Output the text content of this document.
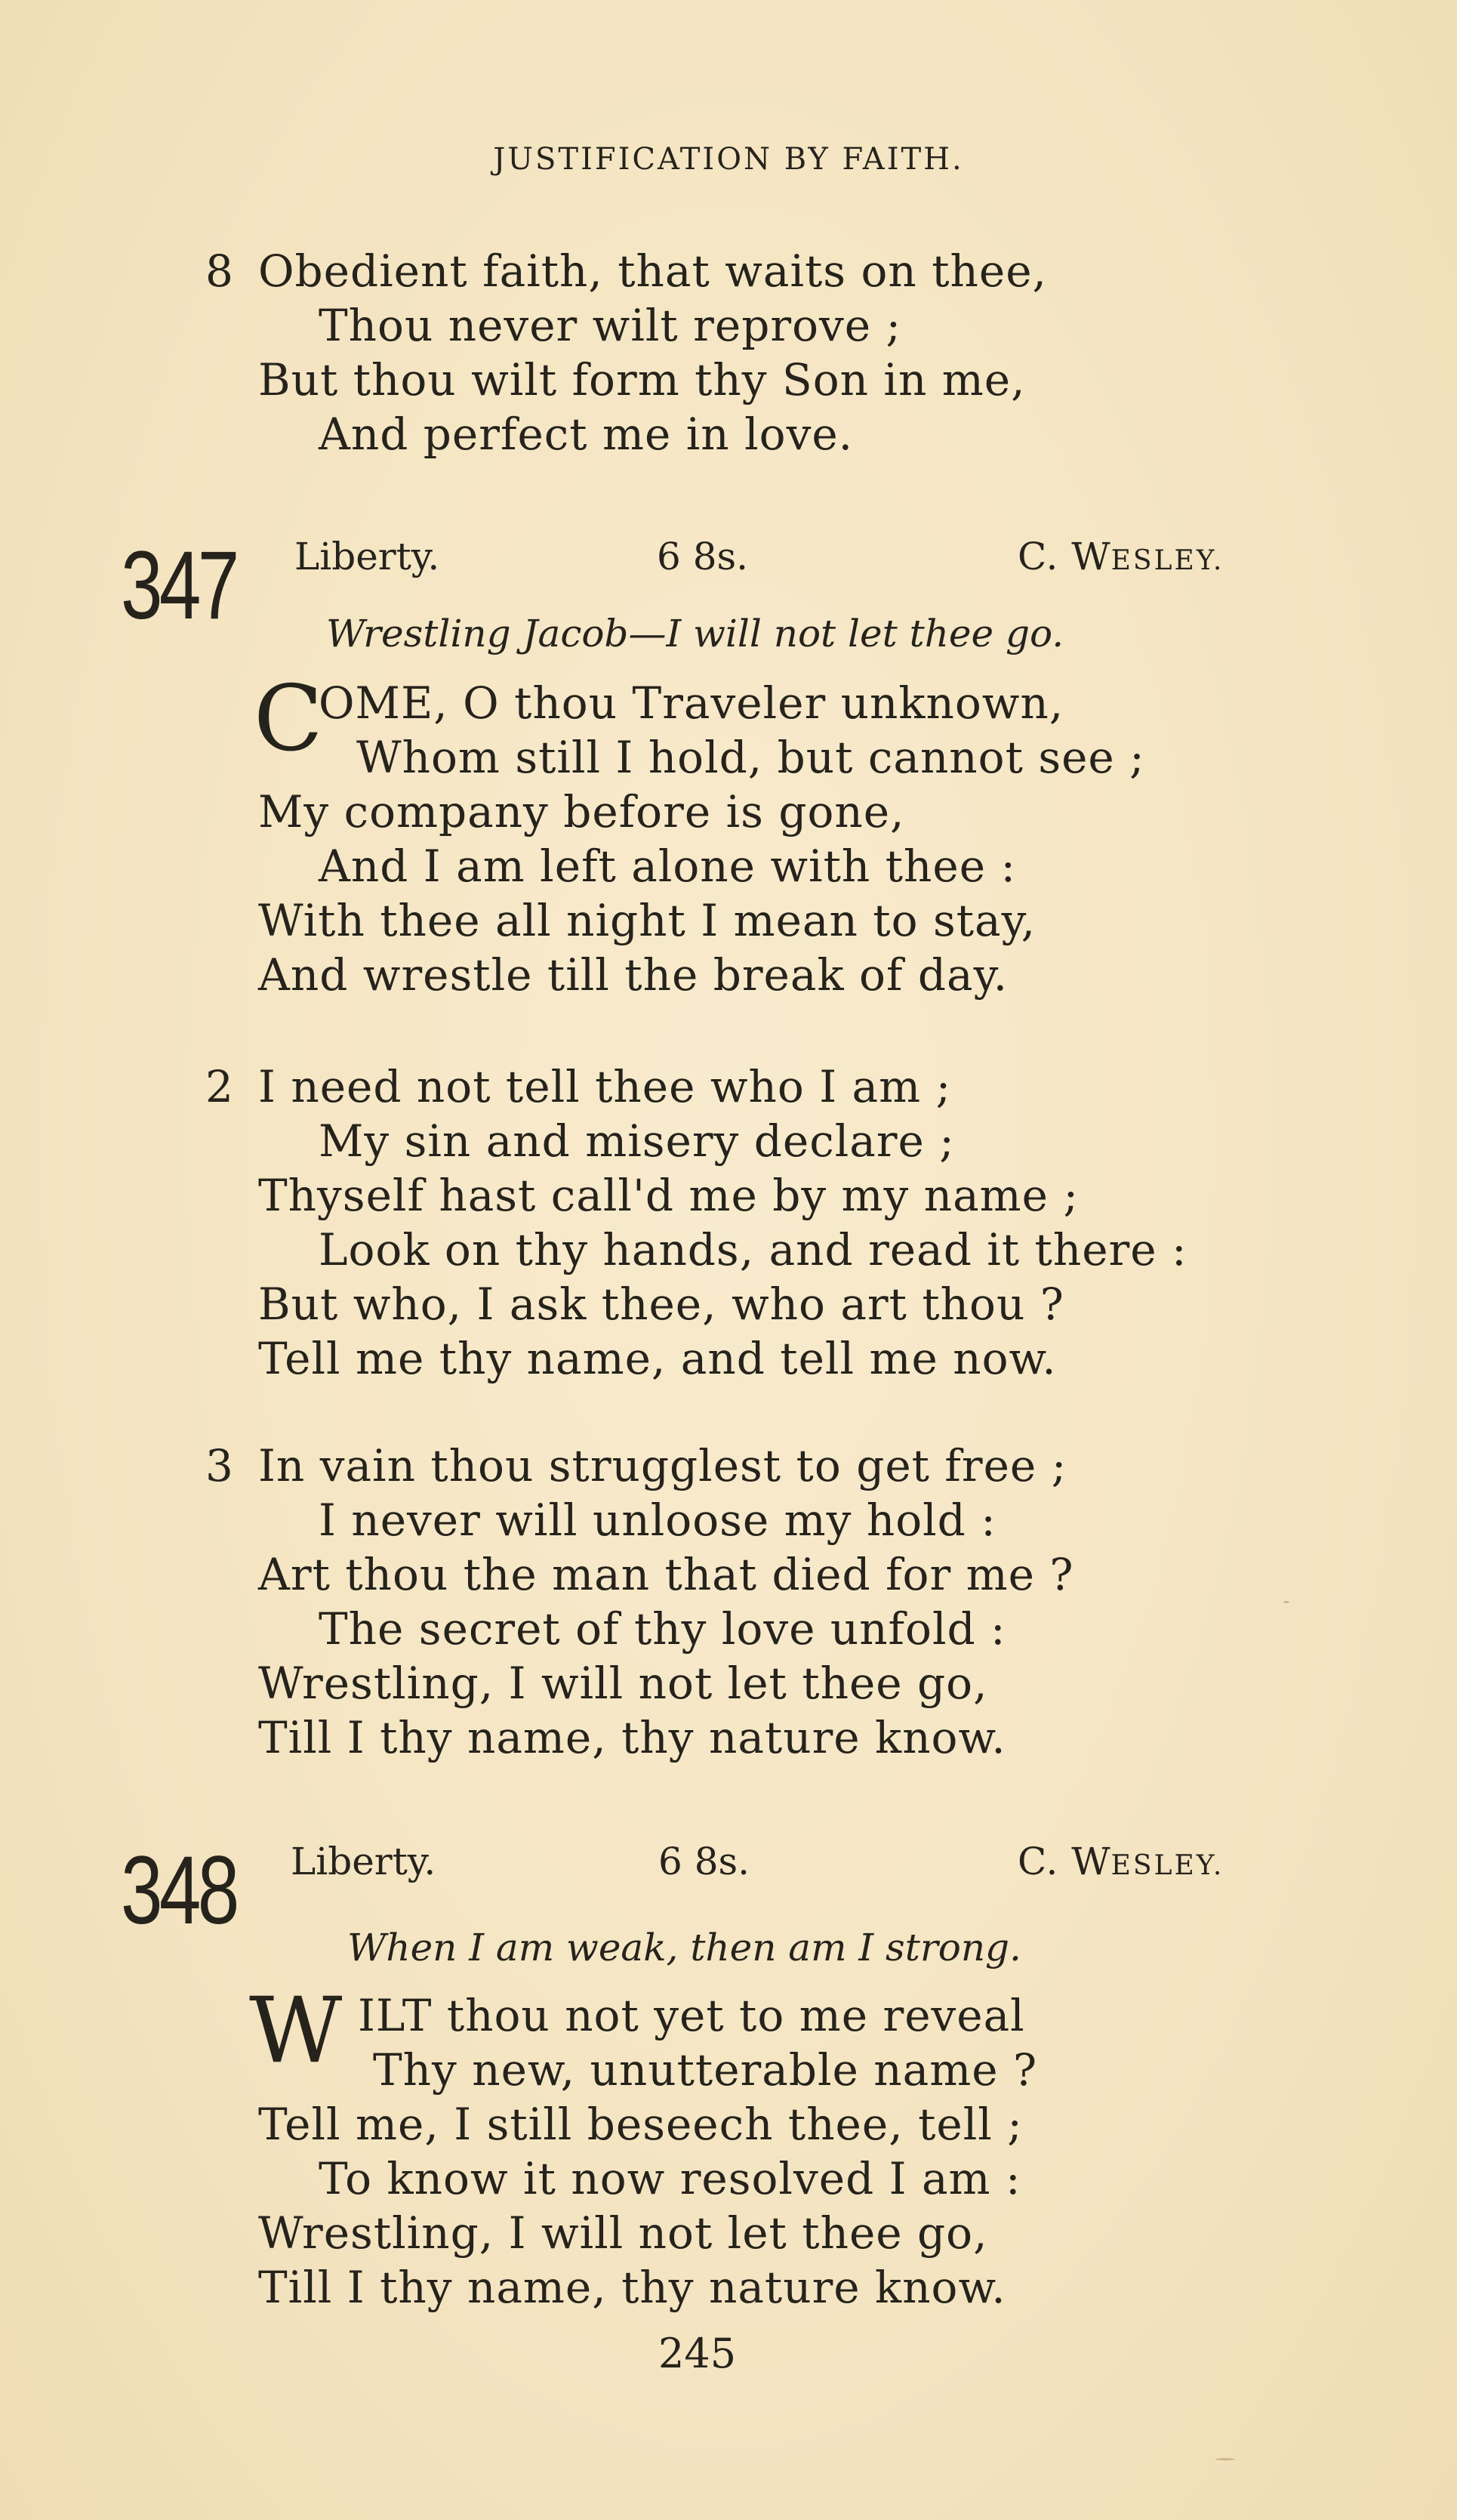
JUSTIFICATION BY FAITH.
8 Obedient faith, that waits on thee,
Thou never wilt reprove ;
But thou wilt form thy Son in me,
And perfect me in love.
347 Liberty.	6 8s.	C. WESLEY.
Wrestling Jacob—I will not let thee go.
C
OME, O thou Traveler unknown,
Whom still I hold, but cannot see ;
My company before is gone,
And I am left alone with thee :
With thee all night I mean to stay,
And wrestle till the break of day.
2 I need not tell thee who I am ;
My sin and misery declare ;
Thyself hast call'd me by my name ;
Look on thy hands, and read it there :
But who, I ask thee, who art thou ?
Tell me thy name, and tell me now.
3 In vain thou strugglest to get free ;
I never will unloose my hold :
Art thou the man that died for me ?
The secret of thy love unfold :
Wrestling, I will not let thee go,
Till I thy name, thy nature know.
348 Liberty.	6 8s.	C. WESLEY.
When I am weak, then am I strong.
W ILT thou not yet to me reveal
Thy new, unutterable name ?
Tell me, I still beseech thee, tell ;
To know it now resolved I am :
Wrestling, I will not let thee go,
Till I thy name, thy nature know.
245
